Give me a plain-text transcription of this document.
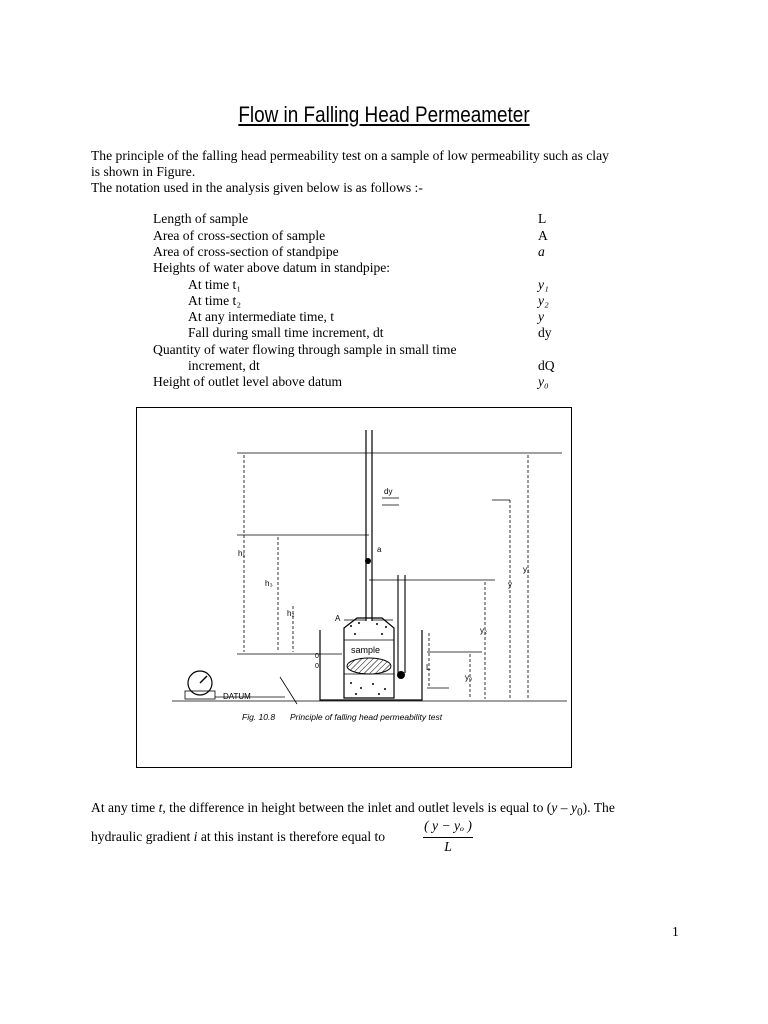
Flow in Falling Head Permeameter
The principle of the falling head permeability test on a sample of low permeability such as clay
is shown in Figure.
The notation used in the analysis given below is as follows :-
Length of sample	L
Area of cross-section of sample	A
Area of cross-section of standpipe	a
Heights of water above datum in standpipe:
At time t₁	y₁
At time t₂	y₂
At any intermediate time, t	y
Fall during small time increment, dt	dy
Quantity of water flowing through sample in small time
increment, dt	dQ
Height of outlet level above datum	y₀
dy
a
h₁
h₃
h₂
A
sample
L
y
y₁
y₂
y₀
0
0
DATUM
Fig. 10.8 Principle of falling head permeability test
At any time t, the difference in height between the inlet and outlet levels is equal to $(y - y_0)$. The
hydraulic gradient i at this instant is therefore equal to
( y − yₒ )
L
1
